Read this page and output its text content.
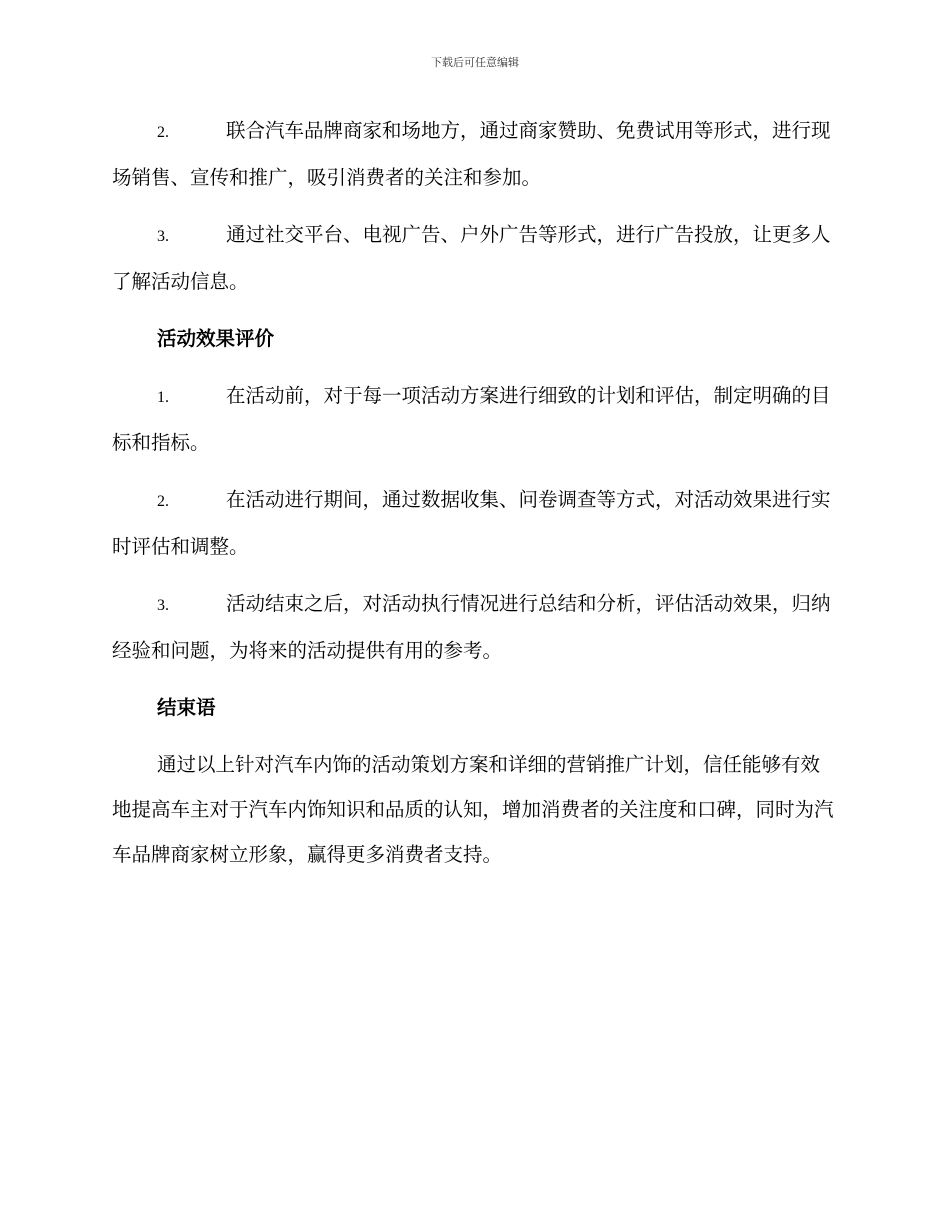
下载后可任意编辑

2.	联合汽车品牌商家和场地方，通过商家赞助、免费试用等形式，进行现场销售、宣传和推广，吸引消费者的关注和参加。

3.	通过社交平台、电视广告、户外广告等形式，进行广告投放，让更多人了解活动信息。

活动效果评价

1.	在活动前，对于每一项活动方案进行细致的计划和评估，制定明确的目标和指标。

2.	在活动进行期间，通过数据收集、问卷调查等方式，对活动效果进行实时评估和调整。

3.	活动结束之后，对活动执行情况进行总结和分析，评估活动效果，归纳经验和问题，为将来的活动提供有用的参考。

结束语

通过以上针对汽车内饰的活动策划方案和详细的营销推广计划，信任能够有效地提高车主对于汽车内饰知识和品质的认知，增加消费者的关注度和口碑，同时为汽车品牌商家树立形象，赢得更多消费者支持。
